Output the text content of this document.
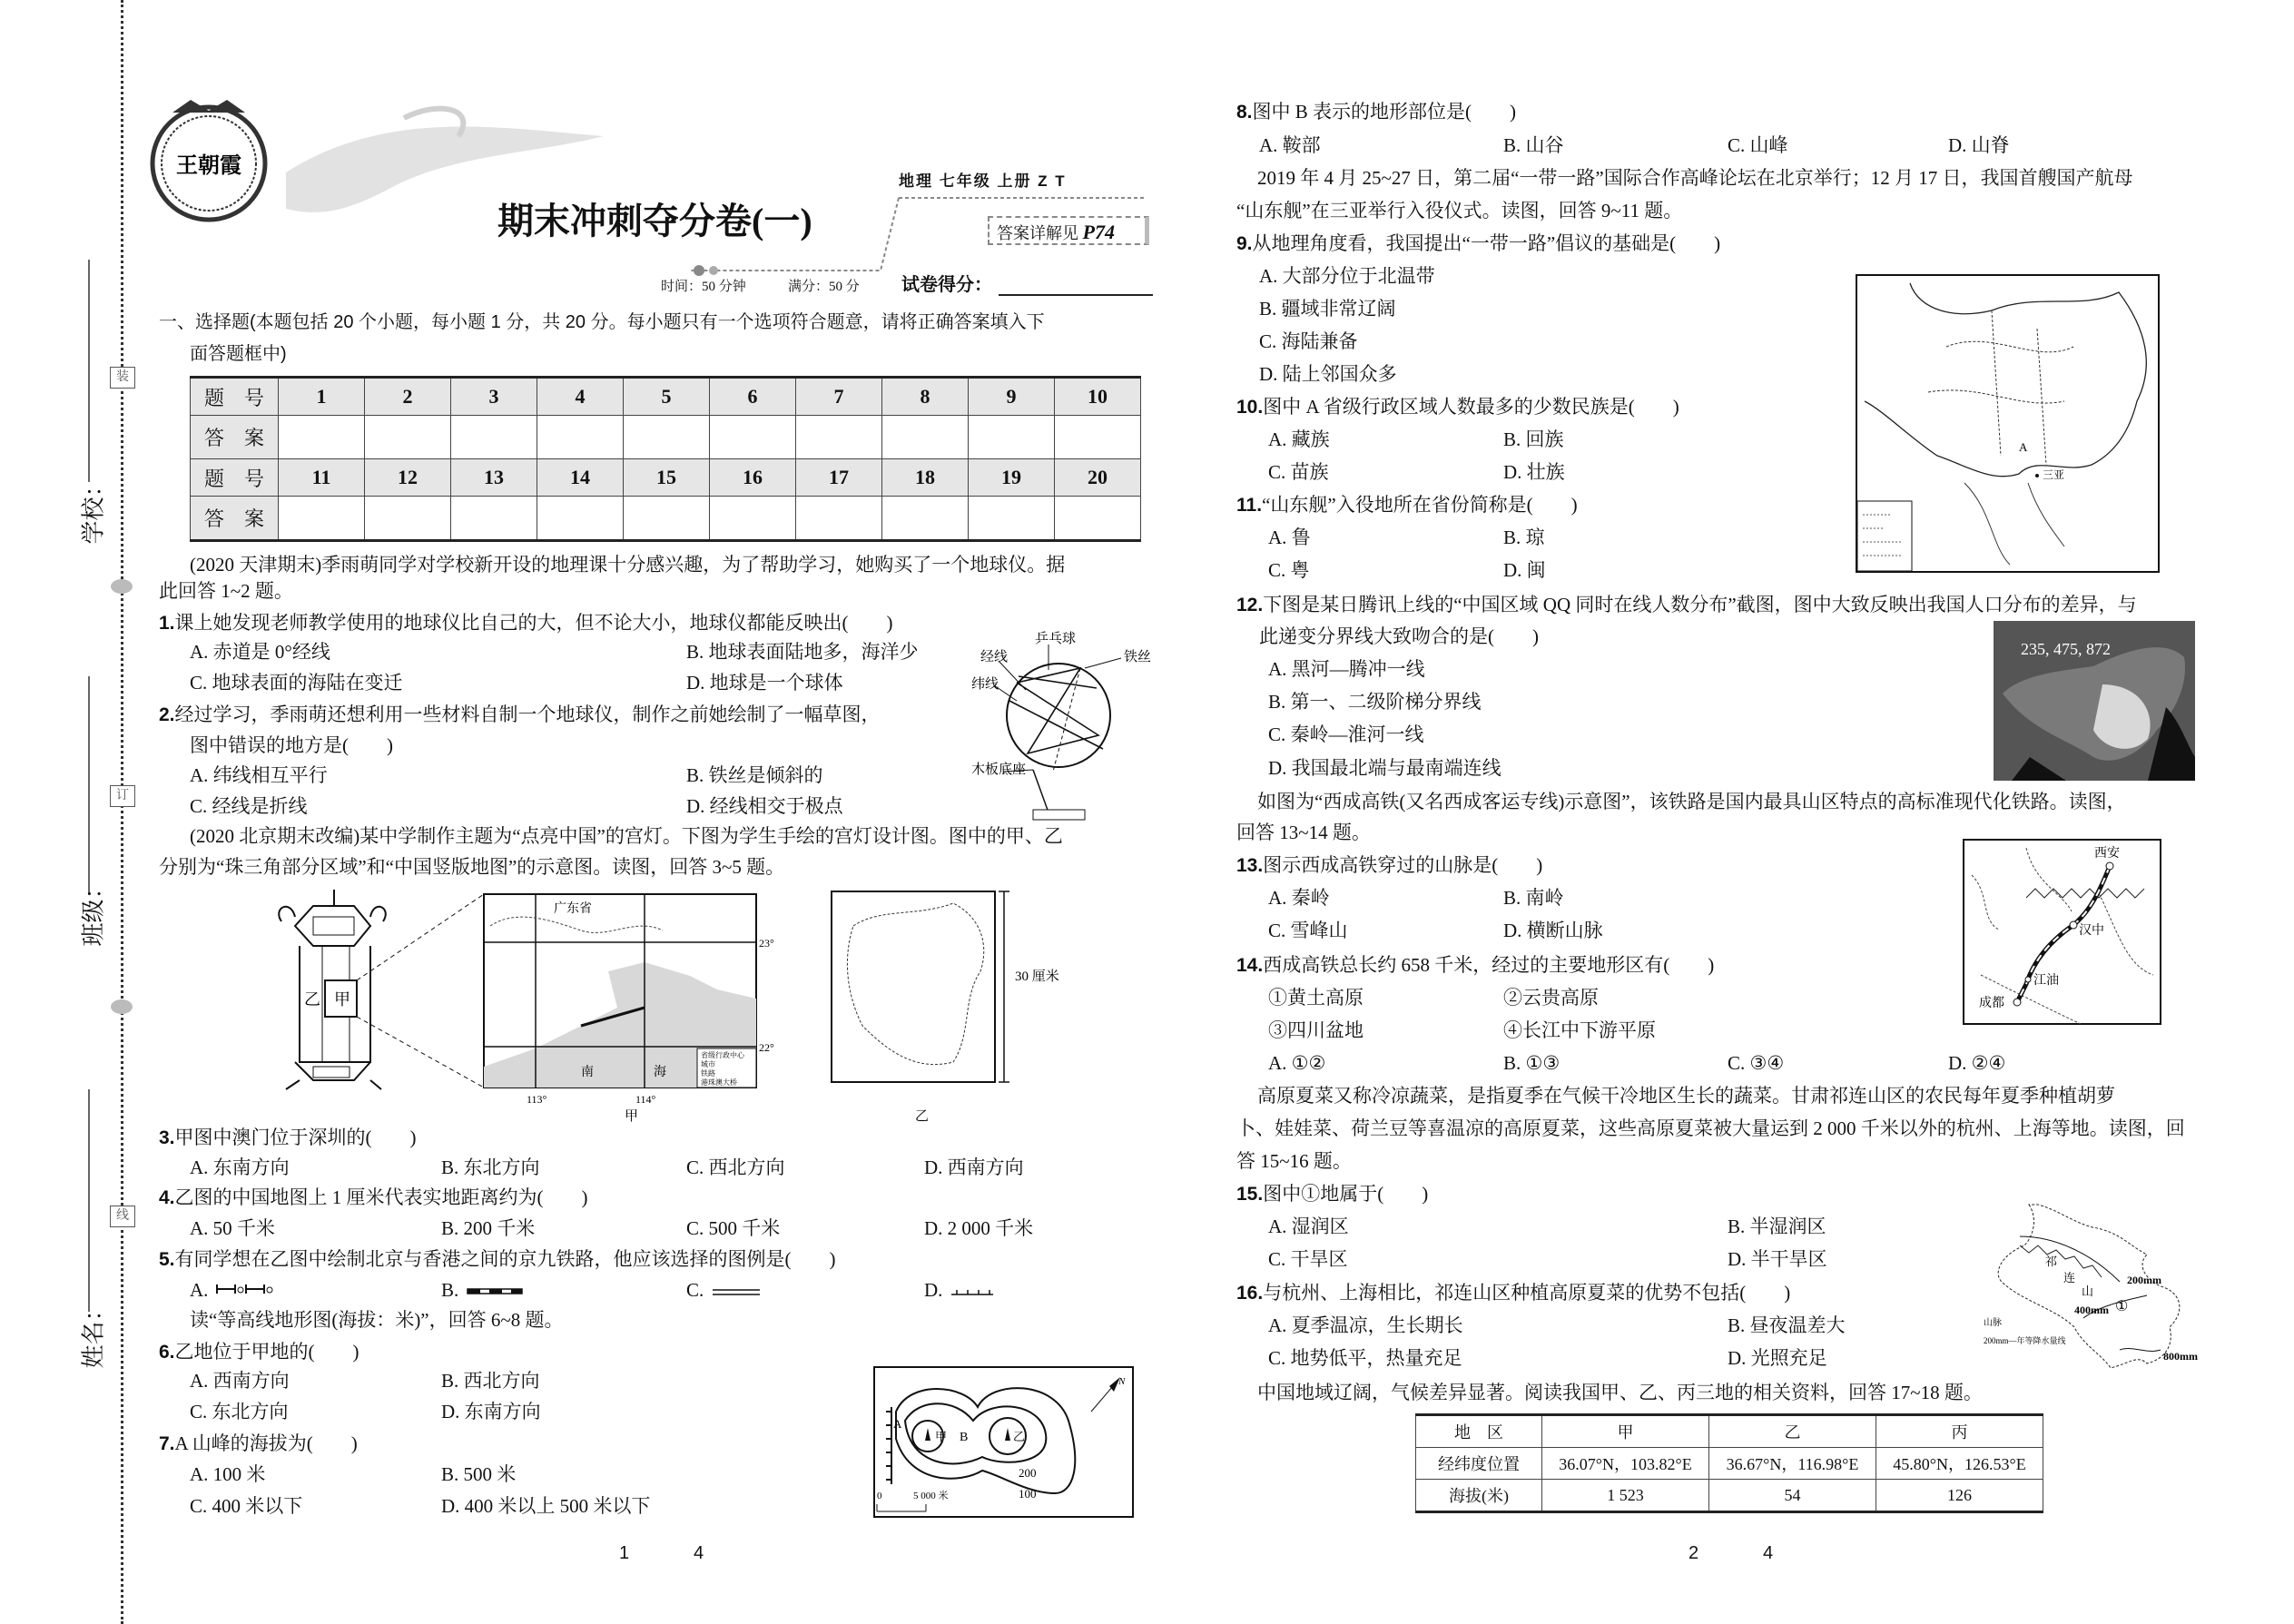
装
订
线
学校：
班级：
姓名：
王朝霞
地理 七年级 上册 Z T
期末冲刺夺分卷(一)	答案详解见 P74
时间：50 分钟	满分：50 分 试卷得分：
一、选择题(本题包括 20 个小题，每小题 1 分，共 20 分。每小题只有一个选项符合题意，请将正确答案填入下
面答题框中)
题　号	1	2	3	4	5	6	7	8	9	10
答　案										
题　号	11	12	13	14	15	16	17	18	19	20
答　案										
(2020 天津期末)季雨萌同学对学校新开设的地理课十分感兴趣，为了帮助学习，她购买了一个地球仪。据
此回答 1~2 题。
1.课上她发现老师教学使用的地球仪比自己的大，但不论大小，地球仪都能反映出(　　)
A. 赤道是 0°经线	B. 地球表面陆地多，海洋少
C. 地球表面的海陆在变迁	D. 地球是一个球体
2.经过学习，季雨萌还想利用一些材料自制一个地球仪，制作之前她绘制了一幅草图，
图中错误的地方是(　　)
A. 纬线相互平行	B. 铁丝是倾斜的
C. 经线是折线	D. 经线相交于极点
乒乓球
经线	铁丝
纬线
木板底座
(2020 北京期末改编)某中学制作主题为“点亮中国”的宫灯。下图为学生手绘的宫灯设计图。图中的甲、乙
分别为“珠三角部分区域”和“中国竖版地图”的示意图。读图，回答 3~5 题。
甲
乙
广东省
23°
22°
113°	114°
南	海
省级行政中心
城市
铁路
港珠澳大桥
30 厘米
甲	乙
3.甲图中澳门位于深圳的(　　)
A. 东南方向	B. 东北方向	C. 西北方向	D. 西南方向
4.乙图的中国地图上 1 厘米代表实地距离约为(　　)
A. 50 千米	B. 200 千米	C. 500 千米	D. 2 000 千米
5.有同学想在乙图中绘制北京与香港之间的京九铁路，他应该选择的图例是(　　)
A.	B.	C.	D.
读“等高线地形图(海拔：米)”，回答 6~8 题。
6.乙地位于甲地的(　　)
A. 西南方向	B. 西北方向
C. 东北方向	D. 东南方向
7.A 山峰的海拔为(　　)
A. 100 米	B. 500 米
C. 400 米以下	D. 400 米以上 500 米以下
A
甲 B	乙
200
100
0	5 000 米
N
1	4
8.图中 B 表示的地形部位是(　　)
A. 鞍部	B. 山谷	C. 山峰	D. 山脊
2019 年 4 月 25~27 日，第二届“一带一路”国际合作高峰论坛在北京举行；12 月 17 日，我国首艘国产航母
“山东舰”在三亚举行入役仪式。读图，回答 9~11 题。
9.从地理角度看，我国提出“一带一路”倡议的基础是(　　)
A. 大部分位于北温带
B. 疆域非常辽阔
C. 海陆兼备
D. 陆上邻国众多
10.图中 A 省级行政区域人数最多的少数民族是(　　)
A. 藏族	B. 回族
C. 苗族	D. 壮族
11.“山东舰”入役地所在省份简称是(　　)
A. 鲁	B. 琼
C. 粤	D. 闽
A
三亚
12.下图是某日腾讯上线的“中国区域 QQ 同时在线人数分布”截图，图中大致反映出我国人口分布的差异，与
此递变分界线大致吻合的是(　　)
A. 黑河—腾冲一线
B. 第一、二级阶梯分界线
C. 秦岭—淮河一线
D. 我国最北端与最南端连线
235, 475, 872
如图为“西成高铁(又名西成客运专线)示意图”，该铁路是国内最具山区特点的高标准现代化铁路。读图，
回答 13~14 题。
13.图示西成高铁穿过的山脉是(　　)
A. 秦岭	B. 南岭
C. 雪峰山	D. 横断山脉
14.西成高铁总长约 658 千米，经过的主要地形区有(　　)
①黄土高原	②云贵高原
③四川盆地	④长江中下游平原
A. ①②	B. ①③	C. ③④	D. ②④
西安
汉中
江油
成都
高原夏菜又称冷凉蔬菜，是指夏季在气候干冷地区生长的蔬菜。甘肃祁连山区的农民每年夏季种植胡萝
卜、娃娃菜、荷兰豆等喜温凉的高原夏菜，这些高原夏菜被大量运到 2 000 千米以外的杭州、上海等地。读图，回
答 15~16 题。
15.图中①地属于(　　)
A. 湿润区	B. 半湿润区
C. 干旱区	D. 半干旱区
16.与杭州、上海相比，祁连山区种植高原夏菜的优势不包括(　　)
A. 夏季温凉，生长期长	B. 昼夜温差大
C. 地势低平，热量充足	D. 光照充足
祁
连
山
①
200mm
400mm
800mm
山脉
200mm—年等降水量线
中国地域辽阔，气候差异显著。阅读我国甲、乙、丙三地的相关资料，回答 17~18 题。
地　区	甲	乙	丙
经纬度位置	36.07°N，103.82°E	36.67°N，116.98°E	45.80°N，126.53°E
海拔(米)	1 523	54	126
2	4
